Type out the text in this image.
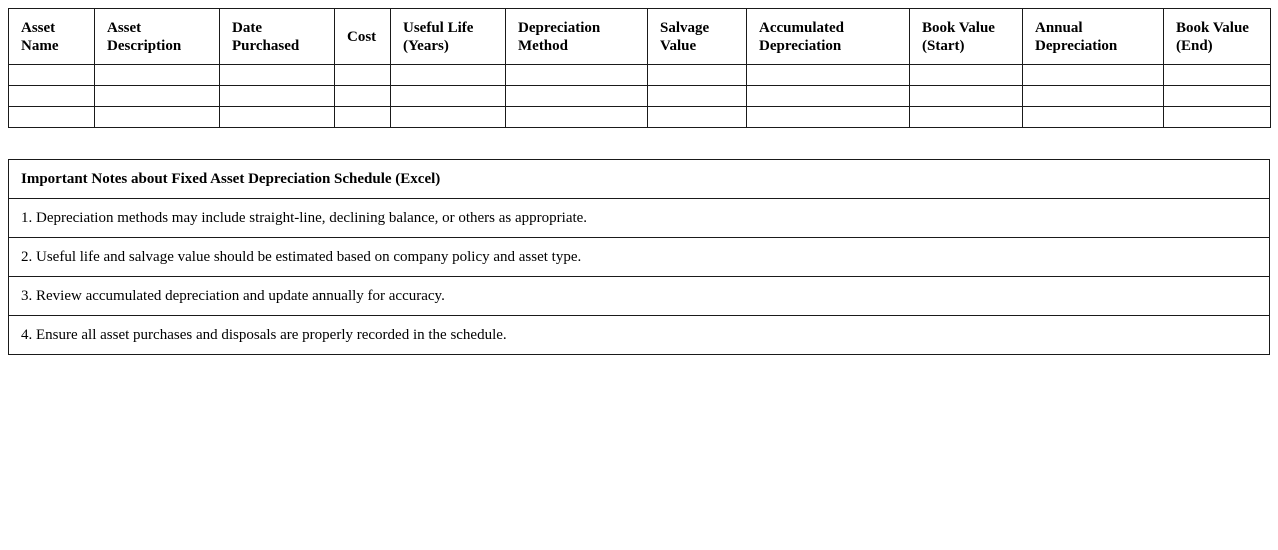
Asset
Name	Asset
Description	Date
Purchased	Cost	Useful Life
(Years)	Depreciation
Method	Salvage
Value	Accumulated
Depreciation	Book Value
(Start)	Annual
Depreciation	Book Value
(End)

Important Notes about Fixed Asset Depreciation Schedule (Excel)
1. Depreciation methods may include straight-line, declining balance, or others as appropriate.
2. Useful life and salvage value should be estimated based on company policy and asset type.
3. Review accumulated depreciation and update annually for accuracy.
4. Ensure all asset purchases and disposals are properly recorded in the schedule.
